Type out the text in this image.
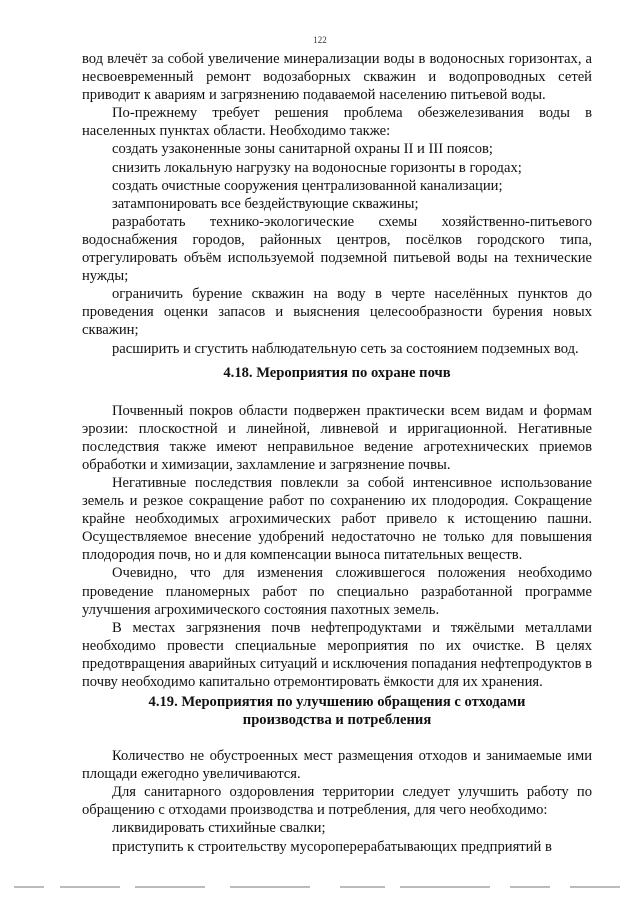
122

вод влечёт за собой увеличение минерализации воды в водоносных горизонтах, а несвоевременный ремонт водозаборных скважин и водопроводных сетей приводит к авариям и загрязнению подаваемой населению питьевой воды.

По-прежнему требует решения проблема обезжелезивания воды в населенных пунктах области. Необходимо также:

создать узаконенные зоны санитарной охраны II и III поясов;

снизить локальную нагрузку на водоносные горизонты в городах;

создать очистные сооружения централизованной канализации;

затампонировать все бездействующие скважины;

разработать технико-экологические схемы хозяйственно-питьевого водоснабжения городов, районных центров, посёлков городского типа, отрегулировать объём используемой подземной питьевой воды на технические нужды;

ограничить бурение скважин на воду в черте населённых пунктов до проведения оценки запасов и выяснения целесообразности бурения новых скважин;

расширить и сгустить наблюдательную сеть за состоянием подземных вод.

4.18. Мероприятия по охране почв

Почвенный покров области подвержен практически всем видам и формам эрозии: плоскостной и линейной, ливневой и ирригационной. Негативные последствия также имеют неправильное ведение агротехнических приемов обработки и химизации, захламление и загрязнение почвы.

Негативные последствия повлекли за собой интенсивное использование земель и резкое сокращение работ по сохранению их плодородия. Сокращение крайне необходимых агрохимических работ привело к истощению пашни. Осуществляемое внесение удобрений недостаточно не только для повышения плодородия почв, но и для компенсации выноса питательных веществ.

Очевидно, что для изменения сложившегося положения необходимо проведение планомерных работ по специально разработанной программе улучшения агрохимического состояния пахотных земель.

В местах загрязнения почв нефтепродуктами и тяжёлыми металлами необходимо провести специальные мероприятия по их очистке. В целях предотвращения аварийных ситуаций и исключения попадания нефтепродуктов в почву необходимо капитально отремонтировать ёмкости для их хранения.

4.19. Мероприятия по улучшению обращения с отходами
производства и потребления

Количество не обустроенных мест размещения отходов и занимаемые ими площади ежегодно увеличиваются.

Для санитарного оздоровления территории следует улучшить работу по обращению с отходами производства и потребления, для чего необходимо:

ликвидировать стихийные свалки;

приступить к строительству мусороперерабатывающих предприятий в
